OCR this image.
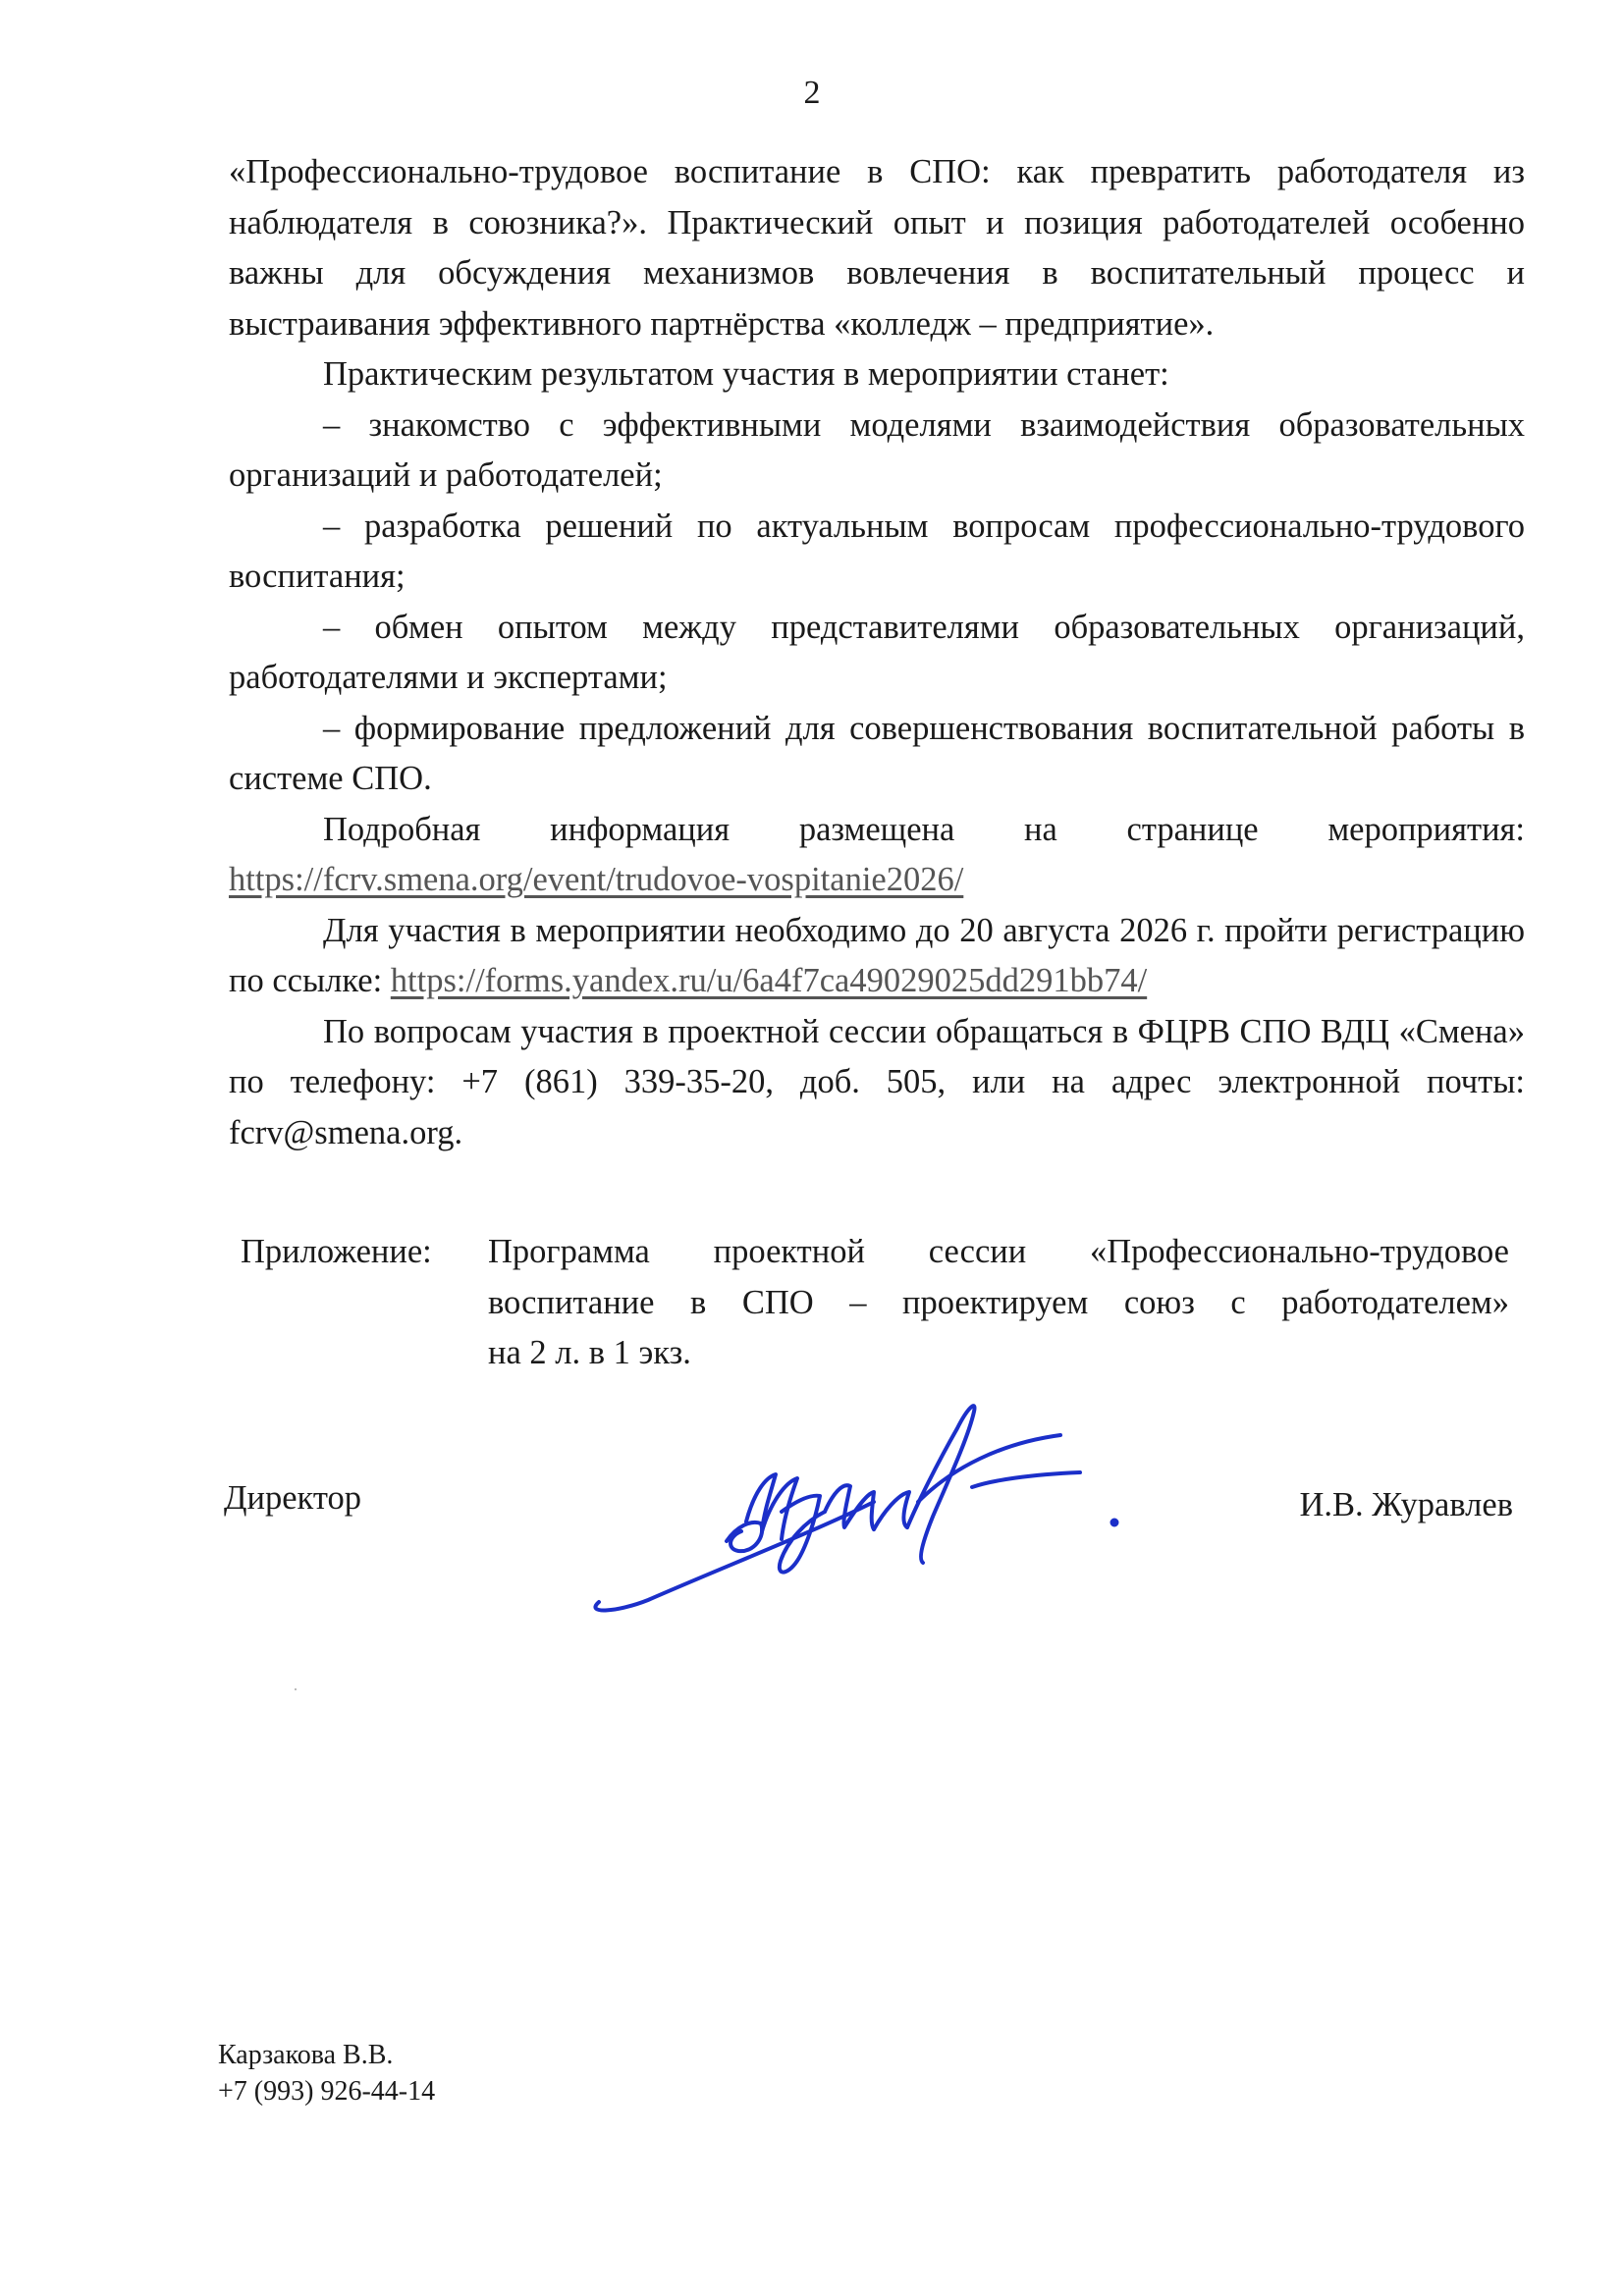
2

«Профессионально-трудовое воспитание в СПО: как превратить работодателя из наблюдателя в союзника?». Практический опыт и позиция работодателей особенно важны для обсуждения механизмов вовлечения в воспитательный процесс и выстраивания эффективного партнёрства «колледж – предприятие».

Практическим результатом участия в мероприятии станет:

– знакомство с эффективными моделями взаимодействия образовательных организаций и работодателей;

– разработка решений по актуальным вопросам профессионально-трудового воспитания;

– обмен опытом между представителями образовательных организаций, работодателями и экспертами;

– формирование предложений для совершенствования воспитательной работы в системе СПО.

Подробная информация размещена на странице мероприятия: https://fcrv.smena.org/event/trudovoe-vospitanie2026/

Для участия в мероприятии необходимо до 20 августа 2026 г. пройти регистрацию по ссылке: https://forms.yandex.ru/u/6a4f7ca49029025dd291bb74/

По вопросам участия в проектной сессии обращаться в ФЦРВ СПО ВДЦ «Смена» по телефону: +7 (861) 339-35-20, доб. 505, или на адрес электронной почты: fcrv@smena.org.

Приложение:	Программа проектной сессии «Профессионально-трудовое
воспитание в СПО – проектируем союз с работодателем»
на 2 л. в 1 экз.
Директор	И.В. Журавлев
Карзакова В.В.
+7 (993) 926-44-14
